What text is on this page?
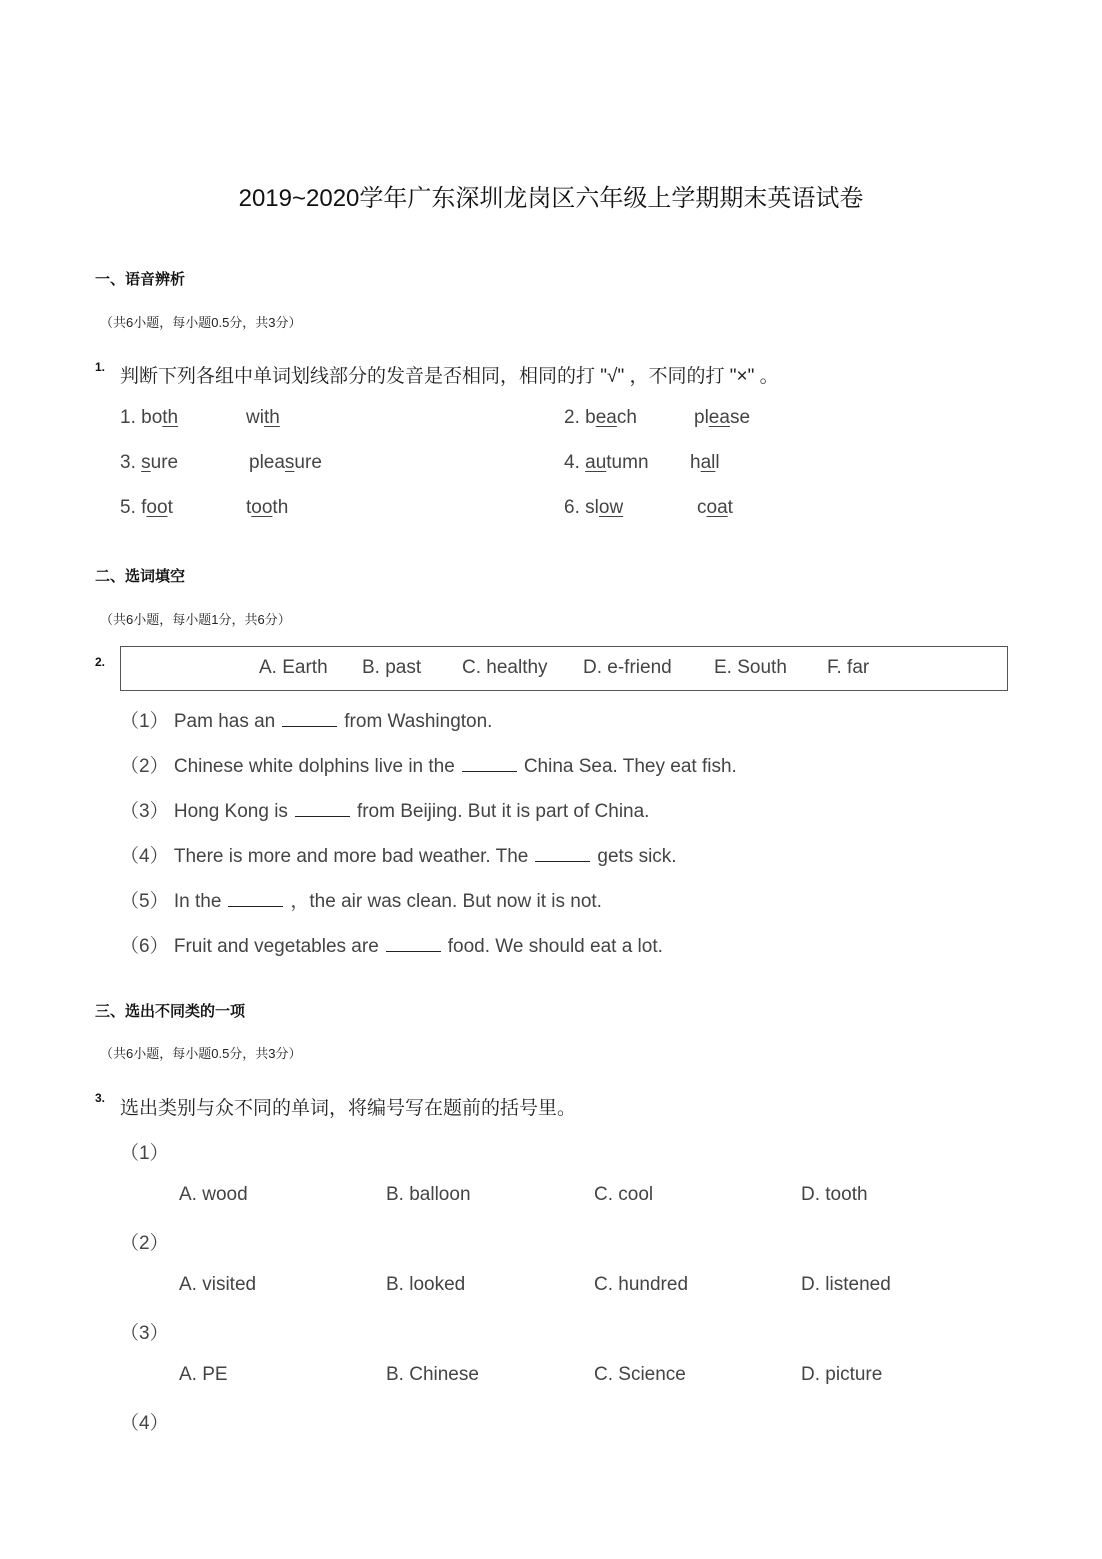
2019~2020学年广东深圳龙岗区六年级上学期期末英语试卷
一、语音辨析
（共6小题，每小题0.5分，共3分）
1. 判断下列各组中单词划线部分的发音是否相同，相同的打 "√" ，不同的打 "×" 。
1. both	with	2. beach	please
3. sure	pleasure	4. autumn hall
5. foot	tooth	6. slow	coat
二、选词填空
（共6小题，每小题1分，共6分）
2.	A. Earth B. past C. healthy D. e-friend E. South F. far
（1） Pam has an	from Washington.
（2） Chinese white dolphins live in the	China Sea. They eat fish.
（3） Hong Kong is	from Beijing. But it is part of China.
（4） There is more and more bad weather. The	gets sick.
（5） In the	，the air was clean. But now it is not.
（6） Fruit and vegetables are	food. We should eat a lot.
三、选出不同类的一项
（共6小题，每小题0.5分，共3分）
3. 选出类别与众不同的单词，将编号写在题前的括号里。
（1）
A. wood	B. balloon	C. cool	D. tooth
（2）
A. visited	B. looked	C. hundred	D. listened
（3）
A. PE	B. Chinese	C. Science	D. picture
（4）
